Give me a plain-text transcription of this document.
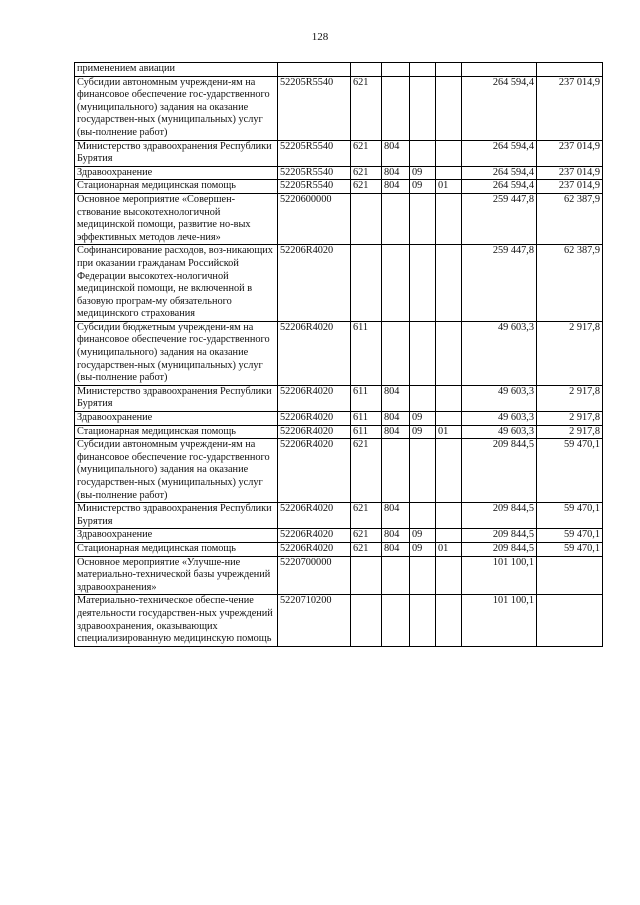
128
применением авиации							
Субсидии автономным учреждени-ям на финансовое обеспечение гос-ударственного (муниципального) задания на оказание государствен-ных (муниципальных) услуг (вы-полнение работ)	52205R5540	621				264 594,4	237 014,9
Министерство здравоохранения Республики Бурятия	52205R5540	621	804			264 594,4	237 014,9
Здравоохранение	52205R5540	621	804	09		264 594,4	237 014,9
Стационарная медицинская помощь	52205R5540	621	804	09	01	264 594,4	237 014,9
Основное мероприятие «Совершен-ствование высокотехнологичной медицинской помощи, развитие но-вых эффективных методов лече-ния»	5220600000					259 447,8	62 387,9
Софинансирование расходов, воз-никающих при оказании гражданам Российской Федерации высокотех-нологичной медицинской помощи, не включенной в базовую програм-му обязательного медицинского страхования	52206R4020					259 447,8	62 387,9
Субсидии бюджетным учреждени-ям на финансовое обеспечение гос-ударственного (муниципального) задания на оказание государствен-ных (муниципальных) услуг (вы-полнение работ)	52206R4020	611				49 603,3	2 917,8
Министерство здравоохранения Республики Бурятия	52206R4020	611	804			49 603,3	2 917,8
Здравоохранение	52206R4020	611	804	09		49 603,3	2 917,8
Стационарная медицинская помощь	52206R4020	611	804	09	01	49 603,3	2 917,8
Субсидии автономным учреждени-ям на финансовое обеспечение гос-ударственного (муниципального) задания на оказание государствен-ных (муниципальных) услуг (вы-полнение работ)	52206R4020	621				209 844,5	59 470,1
Министерство здравоохранения Республики Бурятия	52206R4020	621	804			209 844,5	59 470,1
Здравоохранение	52206R4020	621	804	09		209 844,5	59 470,1
Стационарная медицинская помощь	52206R4020	621	804	09	01	209 844,5	59 470,1
Основное мероприятие «Улучше-ние материально-технической базы учреждений здравоохранения»	5220700000					101 100,1	
Материально-техническое обеспе-чение деятельности государствен-ных учреждений здравоохранения, оказывающих специализированную медицинскую помощь	5220710200					101 100,1	
